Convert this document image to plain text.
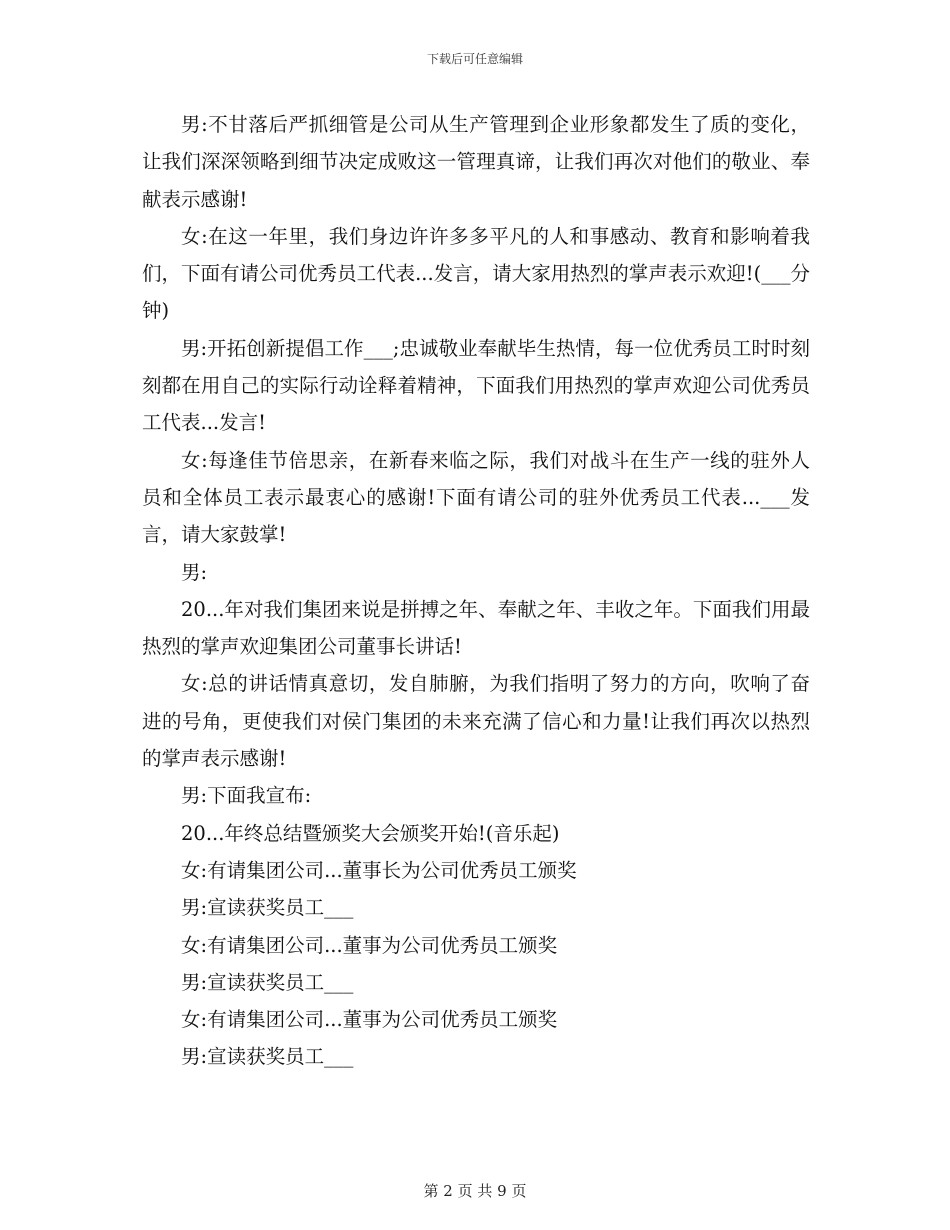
下载后可任意编辑

男:不甘落后严抓细管是公司从生产管理到企业形象都发生了质的变化，让我们深深领略到细节决定成败这一管理真谛，让我们再次对他们的敬业、奉献表示感谢!

女:在这一年里，我们身边许许多多平凡的人和事感动、教育和影响着我们，下面有请公司优秀员工代表...发言，请大家用热烈的掌声表示欢迎!(___分钟)

男:开拓创新提倡工作___;忠诚敬业奉献毕生热情，每一位优秀员工时时刻刻都在用自己的实际行动诠释着精神，下面我们用热烈的掌声欢迎公司优秀员工代表...发言!

女:每逢佳节倍思亲，在新春来临之际，我们对战斗在生产一线的驻外人员和全体员工表示最衷心的感谢!下面有请公司的驻外优秀员工代表...___发言，请大家鼓掌!

男:

20...年对我们集团来说是拼搏之年、奉献之年、丰收之年。下面我们用最热烈的掌声欢迎集团公司董事长讲话!

女:总的讲话情真意切，发自肺腑，为我们指明了努力的方向，吹响了奋进的号角，更使我们对侯门集团的未来充满了信心和力量!让我们再次以热烈的掌声表示感谢!

男:下面我宣布:

20...年终总结暨颁奖大会颁奖开始!(音乐起)

女:有请集团公司...董事长为公司优秀员工颁奖

男:宣读获奖员工___

女:有请集团公司...董事为公司优秀员工颁奖

男:宣读获奖员工___

女:有请集团公司...董事为公司优秀员工颁奖

男:宣读获奖员工___

第 2 页 共 9 页
